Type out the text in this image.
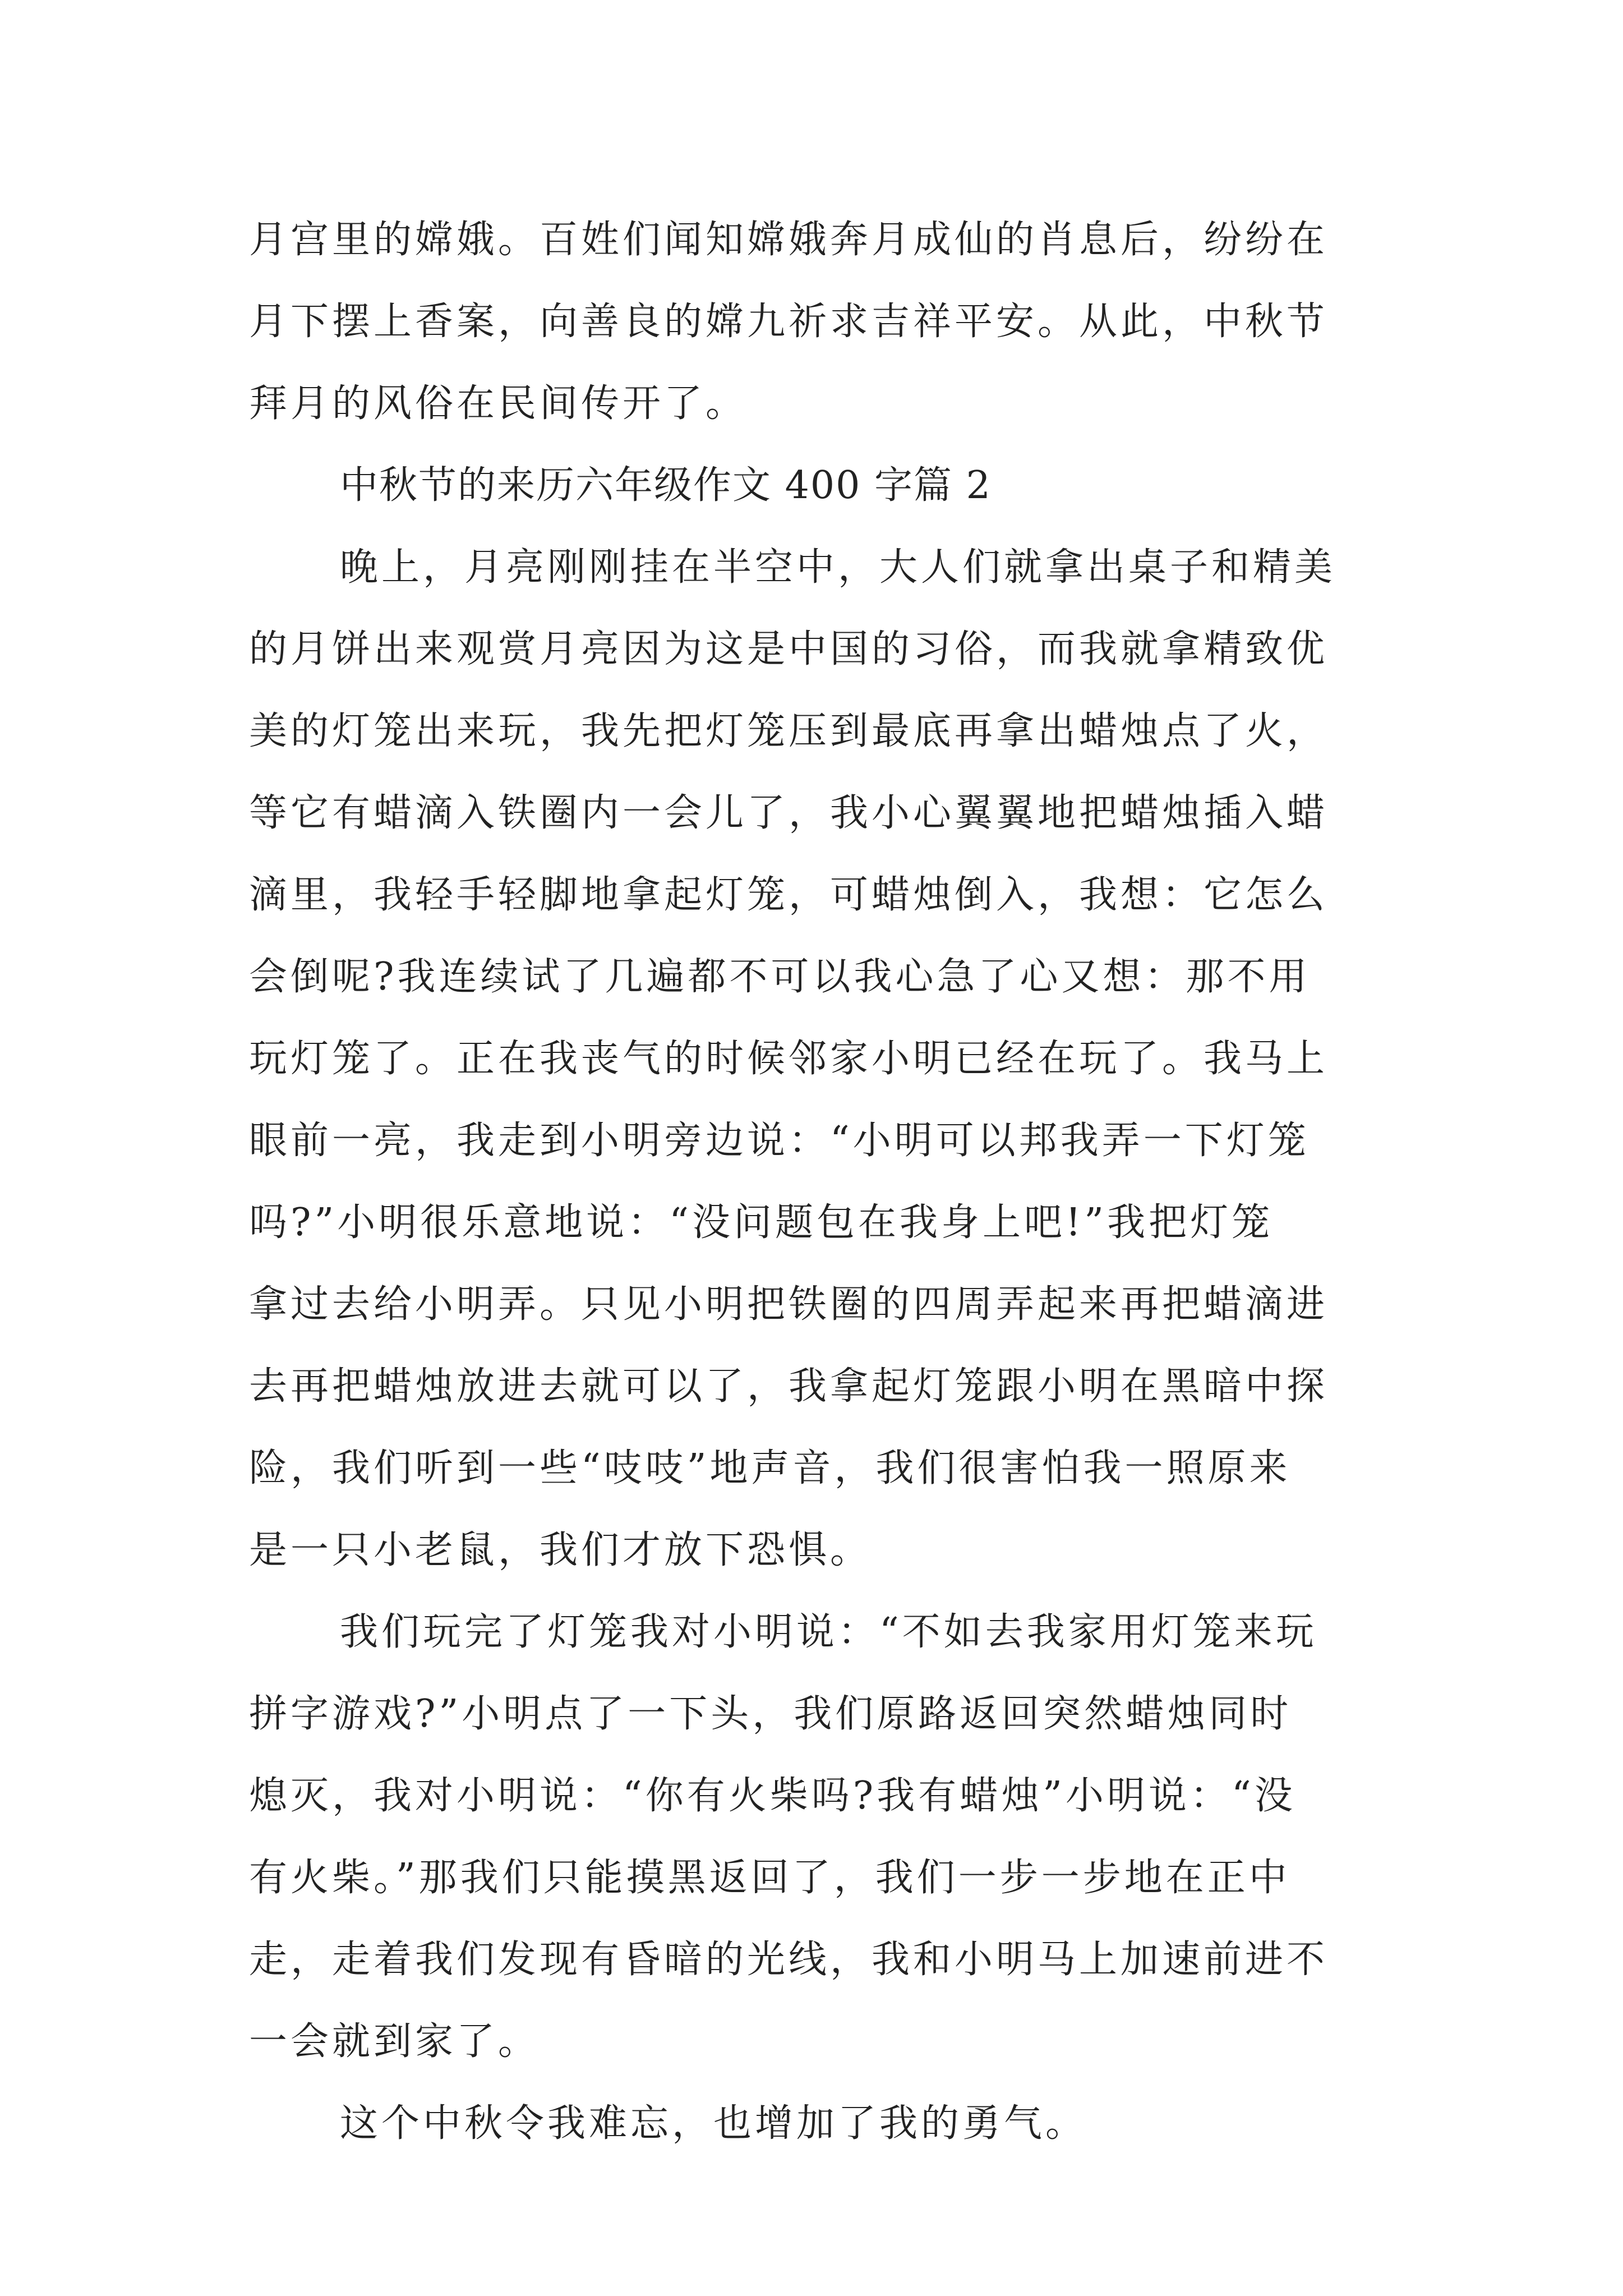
月宫里的嫦娥。百姓们闻知嫦娥奔月成仙的肖息后，纷纷在
月下摆上香案，向善良的嫦九祈求吉祥平安。从此，中秋节
拜月的风俗在民间传开了。
中秋节的来历六年级作文 400 字篇 2
晚上，月亮刚刚挂在半空中，大人们就拿出桌子和精美
的月饼出来观赏月亮因为这是中国的习俗，而我就拿精致优
美的灯笼出来玩，我先把灯笼压到最底再拿出蜡烛点了火，
等它有蜡滴入铁圈内一会儿了，我小心翼翼地把蜡烛插入蜡
滴里，我轻手轻脚地拿起灯笼，可蜡烛倒入，我想：它怎么
会倒呢?我连续试了几遍都不可以我心急了心又想：那不用
玩灯笼了。正在我丧气的时候邻家小明已经在玩了。我马上
眼前一亮，我走到小明旁边说：“小明可以邦我弄一下灯笼
吗?”小明很乐意地说：“没问题包在我身上吧!”我把灯笼
拿过去给小明弄。只见小明把铁圈的四周弄起来再把蜡滴进
去再把蜡烛放进去就可以了，我拿起灯笼跟小明在黑暗中探
险，我们听到一些“吱吱”地声音，我们很害怕我一照原来
是一只小老鼠，我们才放下恐惧。
我们玩完了灯笼我对小明说：“不如去我家用灯笼来玩
拼字游戏?”小明点了一下头，我们原路返回突然蜡烛同时
熄灭，我对小明说：“你有火柴吗?我有蜡烛”小明说：“没
有火柴。”那我们只能摸黑返回了，我们一步一步地在正中
走，走着我们发现有昏暗的光线，我和小明马上加速前进不
一会就到家了。
这个中秋令我难忘，也增加了我的勇气。
